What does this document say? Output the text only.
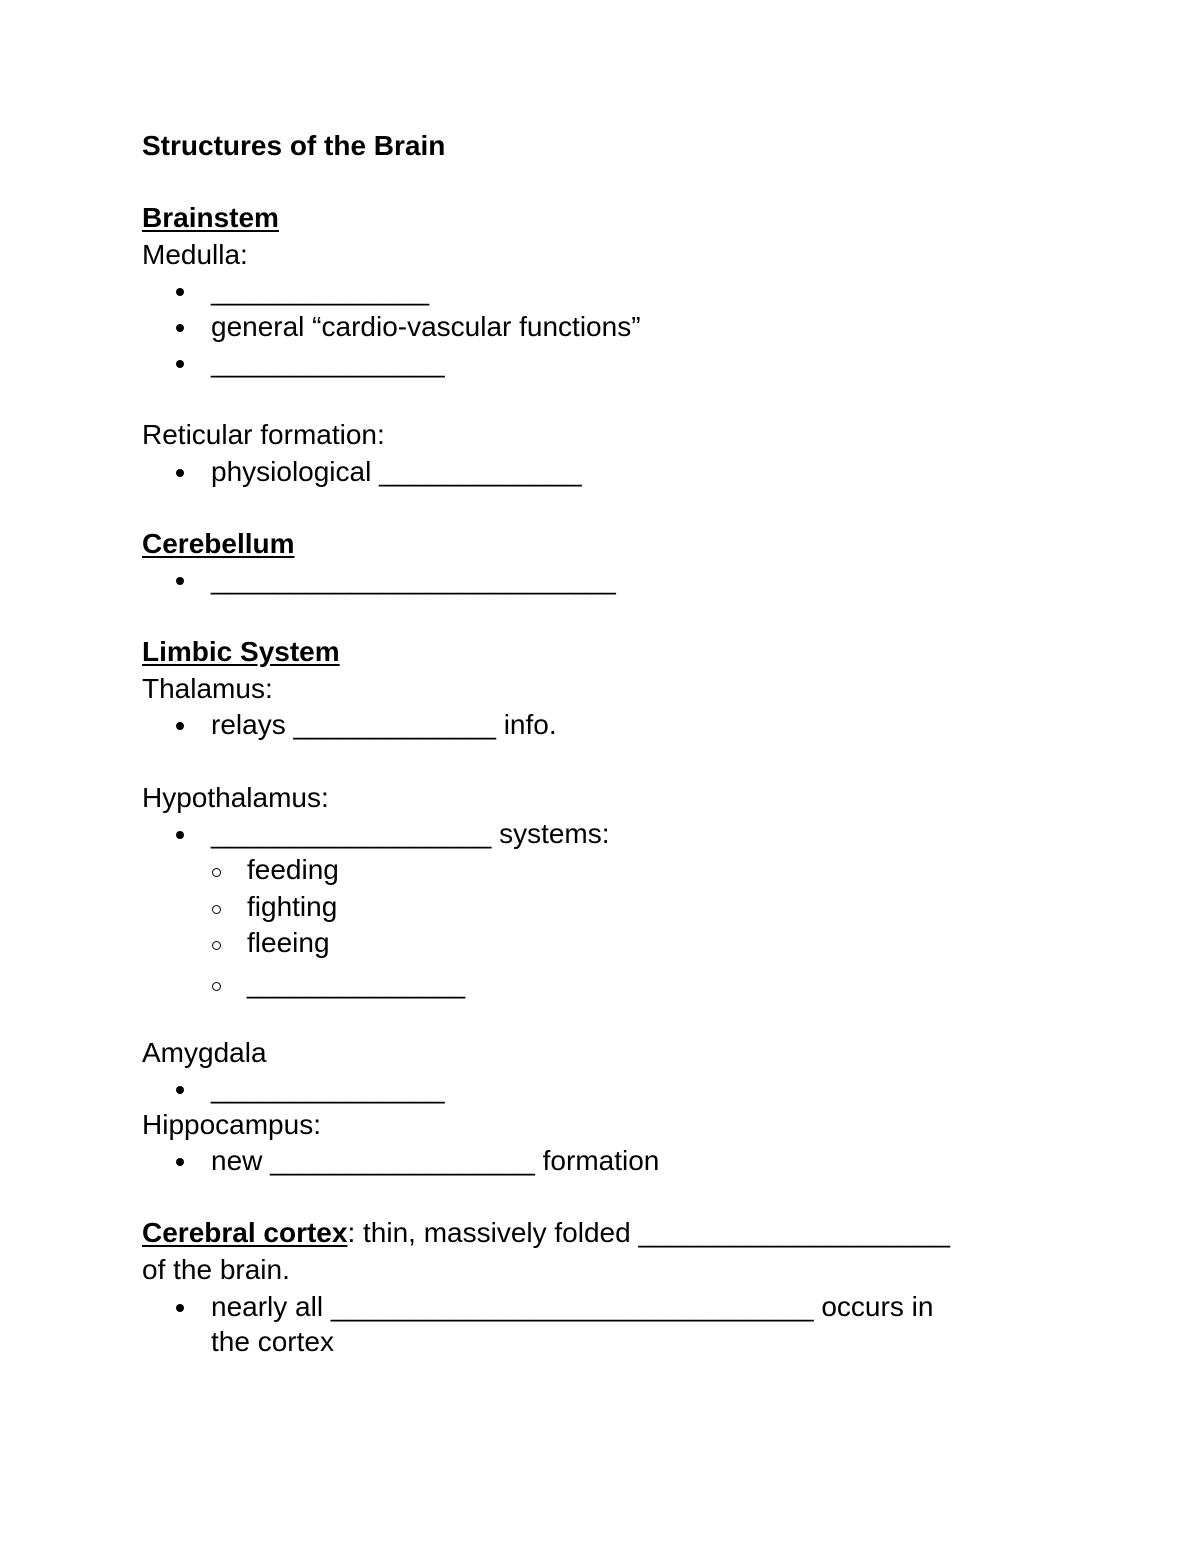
Structures of the Brain
Brainstem
Medulla:
______________
general “cardio-vascular functions”
_______________
Reticular formation:
physiological _____________
Cerebellum
__________________________
Limbic System
Thalamus:
relays _____________ info.
Hypothalamus:
__________________ systems:
feeding
fighting
fleeing
______________
Amygdala
_______________
Hippocampus:
new _________________ formation
Cerebral cortex: thin, massively folded ____________________
of the brain.
nearly all _______________________________ occurs in
the cortex
